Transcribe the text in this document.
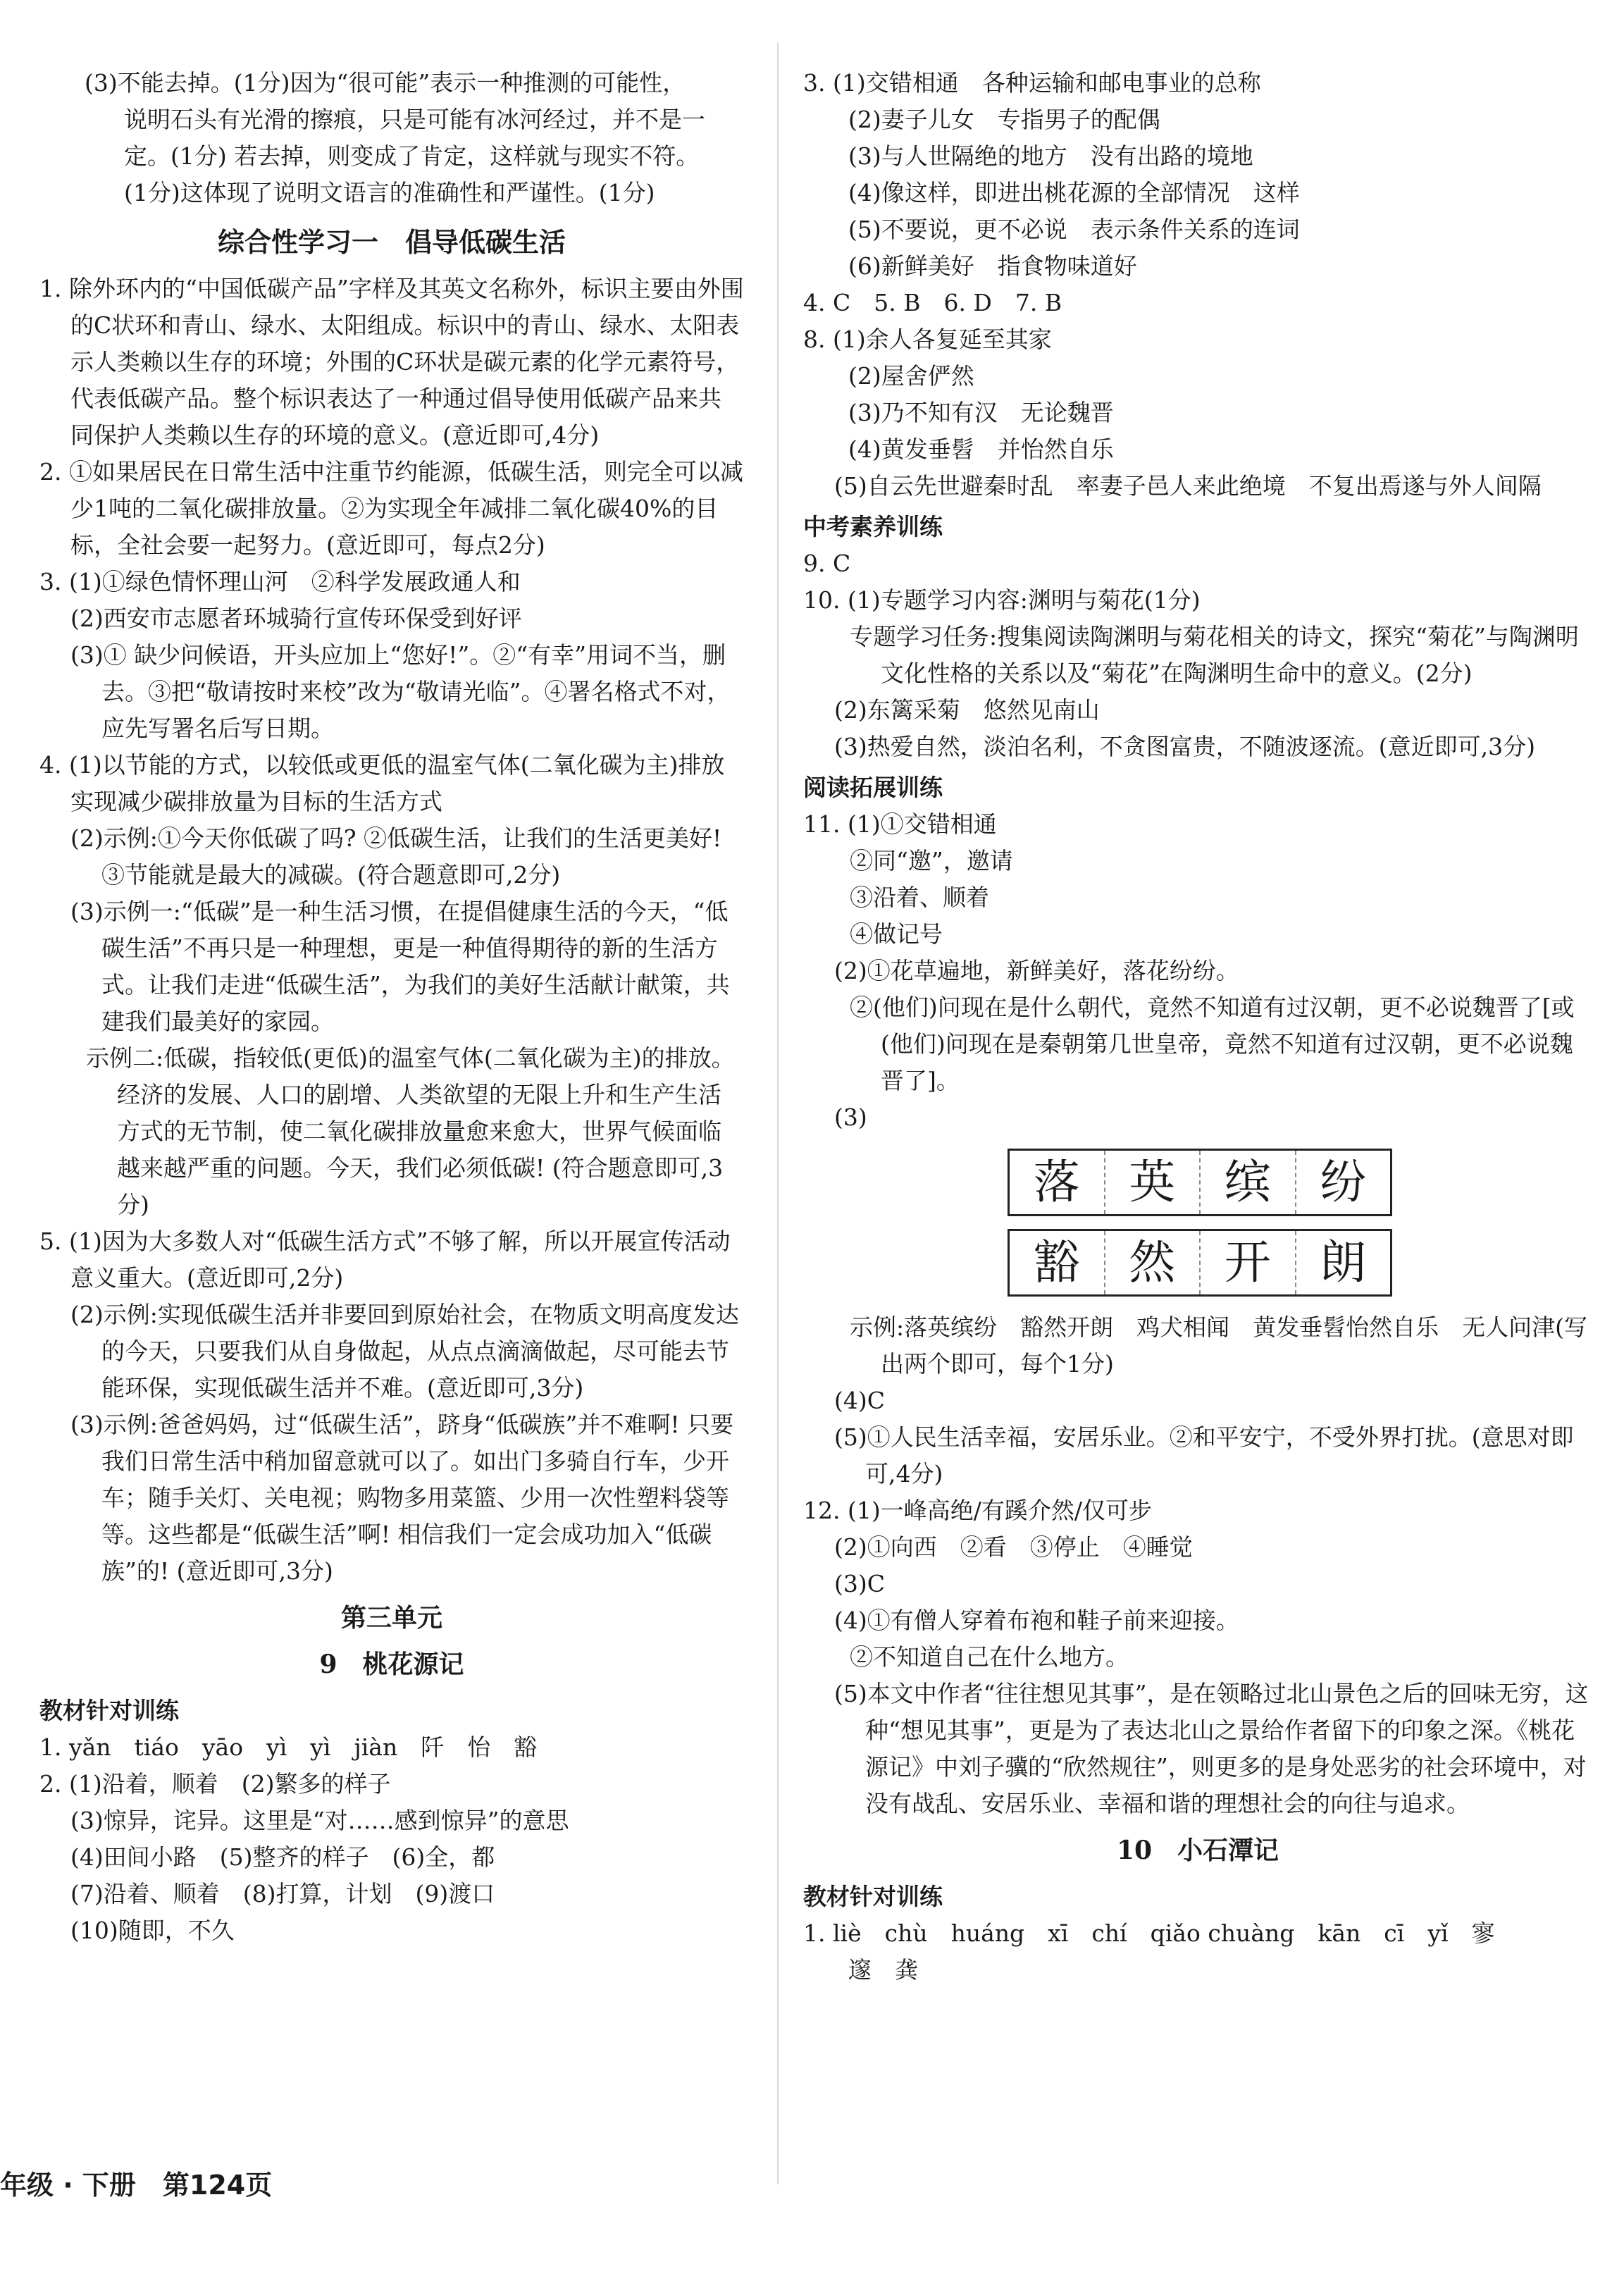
(3)不能去掉。(1分)因为“很可能”表示一种推测的可能性，

说明石头有光滑的擦痕，只是可能有冰河经过，并不是一

定。(1分) 若去掉，则变成了肯定，这样就与现实不符。

(1分)这体现了说明文语言的准确性和严谨性。(1分)

综合性学习一　倡导低碳生活

1. 除外环内的“中国低碳产品”字样及其英文名称外，标识主要由外围的C状环和青山、绿水、太阳组成。标识中的青山、绿水、太阳表示人类赖以生存的环境；外围的C环状是碳元素的化学元素符号，代表低碳产品。整个标识表达了一种通过倡导使用低碳产品来共同保护人类赖以生存的环境的意义。(意近即可,4分)

2. ①如果居民在日常生活中注重节约能源，低碳生活，则完全可以减少1吨的二氧化碳排放量。②为实现全年减排二氧化碳40%的目标，全社会要一起努力。(意近即可，每点2分)

3. (1)①绿色情怀理山河　②科学发展政通人和

(2)西安市志愿者环城骑行宣传环保受到好评

(3)① 缺少问候语，开头应加上“您好!”。②“有幸”用词不当，删去。③把“敬请按时来校”改为“敬请光临”。④署名格式不对，应先写署名后写日期。

4. (1)以节能的方式，以较低或更低的温室气体(二氧化碳为主)排放实现减少碳排放量为目标的生活方式

(2)示例:①今天你低碳了吗? ②低碳生活，让我们的生活更美好! ③节能就是最大的减碳。(符合题意即可,2分)

(3)示例一:“低碳”是一种生活习惯，在提倡健康生活的今天，“低碳生活”不再只是一种理想，更是一种值得期待的新的生活方式。让我们走进“低碳生活”，为我们的美好生活献计献策，共建我们最美好的家园。

示例二:低碳，指较低(更低)的温室气体(二氧化碳为主)的排放。经济的发展、人口的剧增、人类欲望的无限上升和生产生活方式的无节制，使二氧化碳排放量愈来愈大，世界气候面临越来越严重的问题。今天，我们必须低碳! (符合题意即可,3分)

5. (1)因为大多数人对“低碳生活方式”不够了解，所以开展宣传活动意义重大。(意近即可,2分)

(2)示例:实现低碳生活并非要回到原始社会，在物质文明高度发达的今天，只要我们从自身做起，从点点滴滴做起，尽可能去节能环保，实现低碳生活并不难。(意近即可,3分)

(3)示例:爸爸妈妈，过“低碳生活”，跻身“低碳族”并不难啊! 只要我们日常生活中稍加留意就可以了。如出门多骑自行车，少开车；随手关灯、关电视；购物多用菜篮、少用一次性塑料袋等等。这些都是“低碳生活”啊! 相信我们一定会成功加入“低碳族”的! (意近即可,3分)

第三单元
9　桃花源记
教材针对训练

1. yǎn　tiáo　yāo　yì　yì　jiàn　阡　怡　豁

2. (1)沿着，顺着　(2)繁多的样子

(3)惊异，诧异。这里是“对……感到惊异”的意思

(4)田间小路　(5)整齐的样子　(6)全，都

(7)沿着、顺着　(8)打算，计划　(9)渡口

(10)随即，不久

3. (1)交错相通　各种运输和邮电事业的总称

(2)妻子儿女　专指男子的配偶

(3)与人世隔绝的地方　没有出路的境地

(4)像这样，即进出桃花源的全部情况　这样

(5)不要说，更不必说　表示条件关系的连词

(6)新鲜美好　指食物味道好

4. C　5. B　6. D　7. B

8. (1)余人各复延至其家

(2)屋舍俨然

(3)乃不知有汉　无论魏晋

(4)黄发垂髫　并怡然自乐

(5)自云先世避秦时乱　率妻子邑人来此绝境　不复出焉遂与外人间隔

中考素养训练

9. C

10. (1)专题学习内容:渊明与菊花(1分)

专题学习任务:搜集阅读陶渊明与菊花相关的诗文，探究“菊花”与陶渊明文化性格的关系以及“菊花”在陶渊明生命中的意义。(2分)

(2)东篱采菊　悠然见南山

(3)热爱自然，淡泊名利，不贪图富贵，不随波逐流。(意近即可,3分)

阅读拓展训练

11. (1)①交错相通

②同“邀”，邀请

③沿着、顺着

④做记号

(2)①花草遍地，新鲜美好，落花纷纷。

②(他们)问现在是什么朝代，竟然不知道有过汉朝，更不必说魏晋了[或(他们)问现在是秦朝第几世皇帝，竟然不知道有过汉朝，更不必说魏晋了]。

(3)

落	英	缤	纷
豁	然	开	朗

示例:落英缤纷　豁然开朗　鸡犬相闻　黄发垂髫怡然自乐　无人问津(写出两个即可，每个1分)

(4)C

(5)①人民生活幸福，安居乐业。②和平安宁，不受外界打扰。(意思对即可,4分)

12. (1)一峰高绝/有蹊介然/仅可步

(2)①向西　②看　③停止　④睡觉

(3)C

(4)①有僧人穿着布袍和鞋子前来迎接。

②不知道自己在什么地方。

(5)本文中作者“往往想见其事”，是在领略过北山景色之后的回味无穷，这种“想见其事”，更是为了表达北山之景给作者留下的印象之深。《桃花源记》中刘子骥的“欣然规往”，则更多的是身处恶劣的社会环境中，对没有战乱、安居乐业、幸福和谐的理想社会的向往与追求。

10　小石潭记
教材针对训练

1. liè　chù　huáng　xī　chí　qiǎo chuàng　kān　cī　yǐ　寥

邃　龚

年级 · 下册　第124页
